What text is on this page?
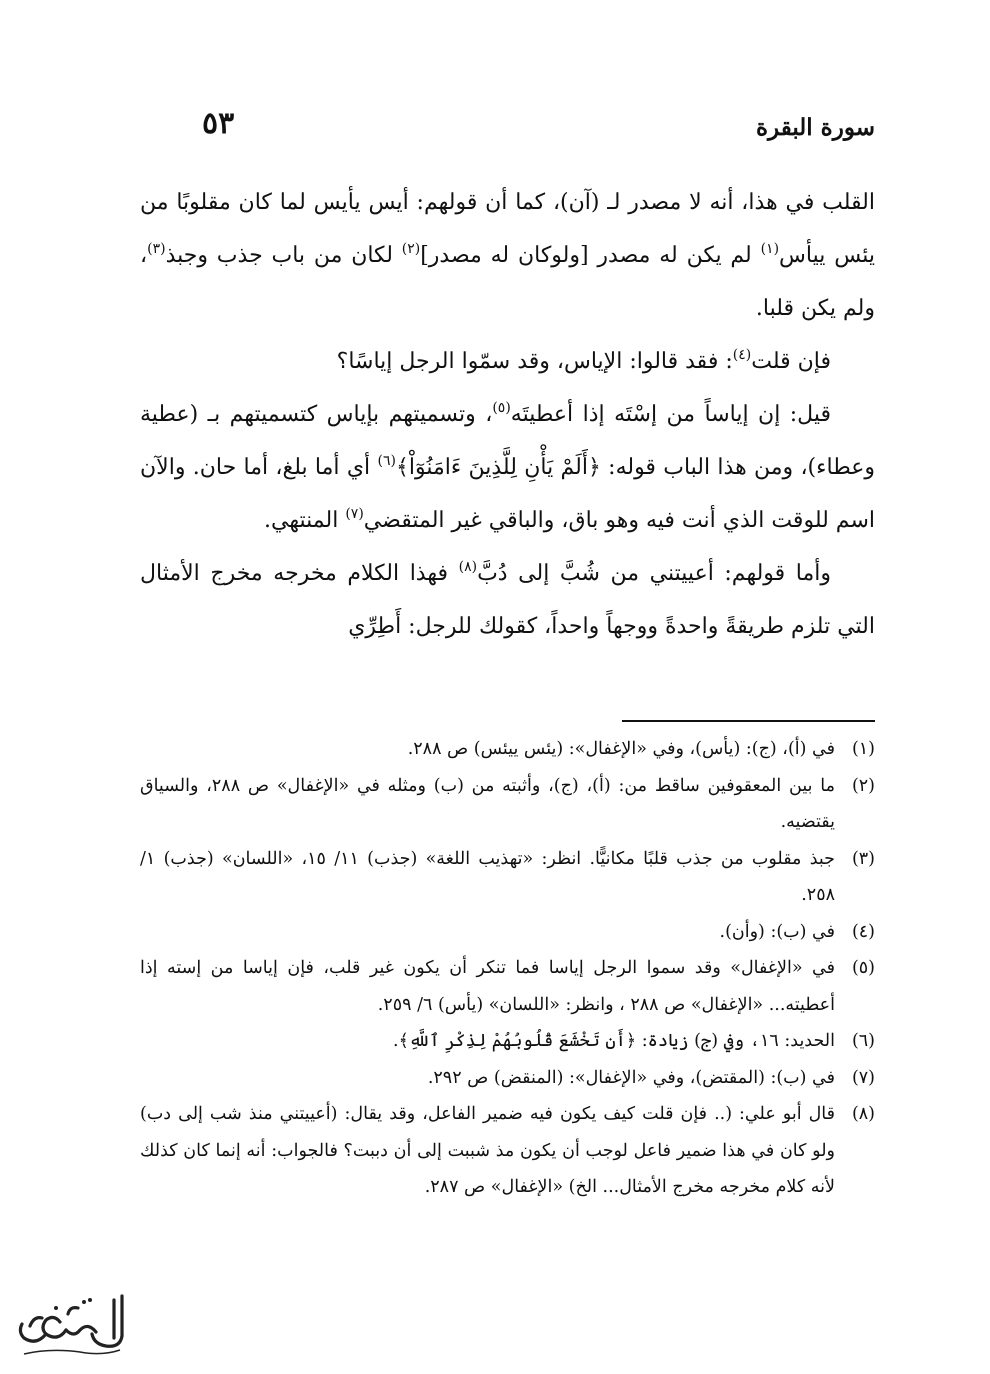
سورة البقرة
٥٣

القلب في هذا، أنه لا مصدر لـ (آن)، كما أن قولهم: أيس يأيس لما كان مقلوبًا من يئس ييأس$^{(١)}$ لم يكن له مصدر [ولوكان له مصدر]$^{(٢)}$ لكان من باب جذب وجبذ$^{(٣)}$، ولم يكن قلبا.

فإن قلت$^{(٤)}$: فقد قالوا: الإياس، وقد سمّوا الرجل إياسًا؟

قيل: إن إياساً من إسْتَه إذا أعطيتَه$^{(٥)}$، وتسميتهم بإياس كتسميتهم بـ (عطية وعطاء)، ومن هذا الباب قوله: ﴿أَلَمْ يَأْنِ لِلَّذِينَ ءَامَنُوٓاْ﴾$^{(٦)}$ أي أما بلغ، أما حان. والآن اسم للوقت الذي أنت فيه وهو باق، والباقي غير المتقضي$^{(٧)}$ المنتهي.

وأما قولهم: أعييتني من شُبَّ إلى دُبَّ$^{(٨)}$ فهذا الكلام مخرجه مخرج الأمثال التي تلزم طريقةً واحدةً ووجهاً واحداً، كقولك للرجل: أَطِرِّي

(١)
في (أ)، (ج): (يأس)، وفي «الإغفال»: (يئس ييئس) ص ٢٨٨.
(٢)
ما بين المعقوفين ساقط من: (أ)، (ج)، وأثبته من (ب) ومثله في «الإغفال» ص ٢٨٨، والسياق يقتضيه.
(٣)
جبذ مقلوب من جذب قلبًا مكانيًّا. انظر: «تهذيب اللغة» (جذب) ١١/ ١٥، «اللسان» (جذب) ١/ ٢٥٨.
(٤)
في (ب): (وأن).
(٥)
في «الإغفال» وقد سموا الرجل إياسا فما تنكر أن يكون غير قلب، فإن إياسا من إسته إذا أعطيته... «الإغفال» ص ٢٨٨ ، وانظر: «اللسان» (يأس) ٦/ ٢٥٩.
(٦)
الحديد: ١٦، وفي (ج) زيادة: ﴿أَن تَخْشَعَ قُلُوبُهُمْ لِذِكْرِ ٱللَّهِ﴾.
(٧)
في (ب): (المقتض)، وفي «الإغفال»: (المنقض) ص ٢٩٢.
(٨)
قال أبو علي: (.. فإن قلت كيف يكون فيه ضمير الفاعل، وقد يقال: (أعييتني منذ شب إلى دب) ولو كان في هذا ضمير فاعل لوجب أن يكون مذ شببت إلى أن دببت؟ فالجواب: أنه إنما كان كذلك لأنه كلام مخرجه مخرج الأمثال... الخ) «الإغفال» ص ٢٨٧.
